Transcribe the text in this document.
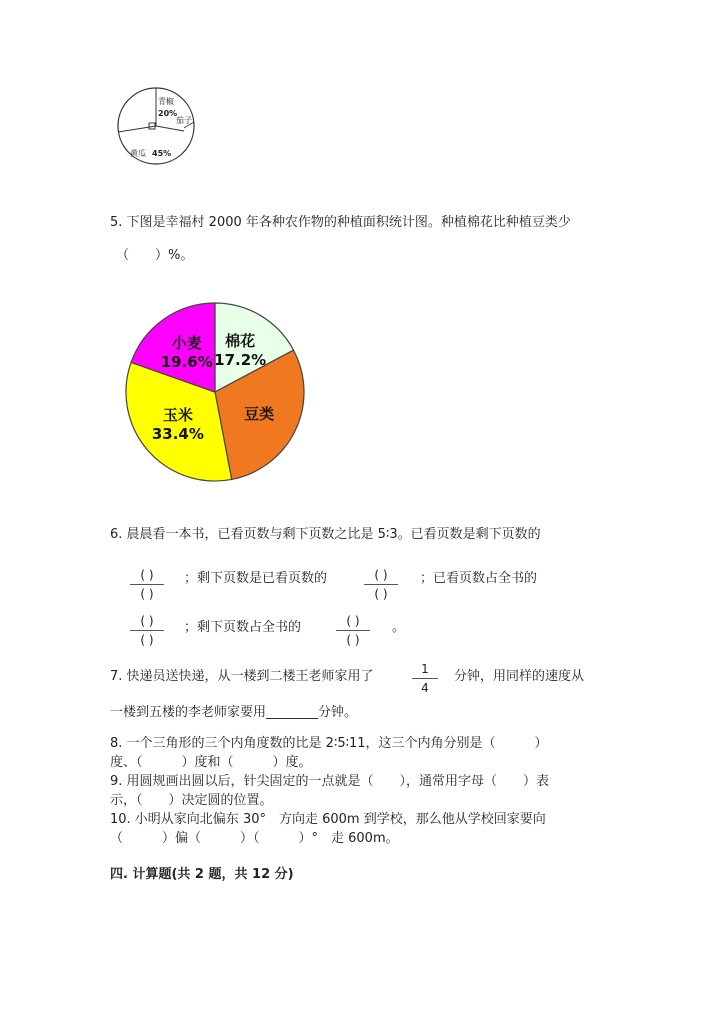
青椒
20%
茄子
黄瓜 45%
5. 下图是幸福村 2000 年各种农作物的种植面积统计图。种植棉花比种植豆类少
（　　）%。
棉花
17.2%
豆类
玉米
33.4%
小麦
19.6%
6. 晨晨看一本书，已看页数与剩下页数之比是 5∶3。已看页数是剩下页数的
( )
( )
；剩下页数是已看页数的	( )
( )
；已看页数占全书的
( )
( )
；剩下页数占全书的	( )
( )
。
7. 快递员送快递，从一楼到二楼王老师家用了	1
4
分钟，用同样的速度从
一楼到五楼的李老师家要用________分钟。
8. 一个三角形的三个内角度数的比是 2∶5∶11，这三个内角分别是（　　　）
度、（　　　）度和（　　　）度。
9. 用圆规画出圆以后，针尖固定的一点就是（　　），通常用字母（　　）表
示，（　　）决定圆的位置。
10. 小明从家向北偏东 30°　方向走 600m 到学校，那么他从学校回家要向
（　　　）偏（　　　）（　　　）°　走 600m。
四. 计算题(共 2 题，共 12 分)
